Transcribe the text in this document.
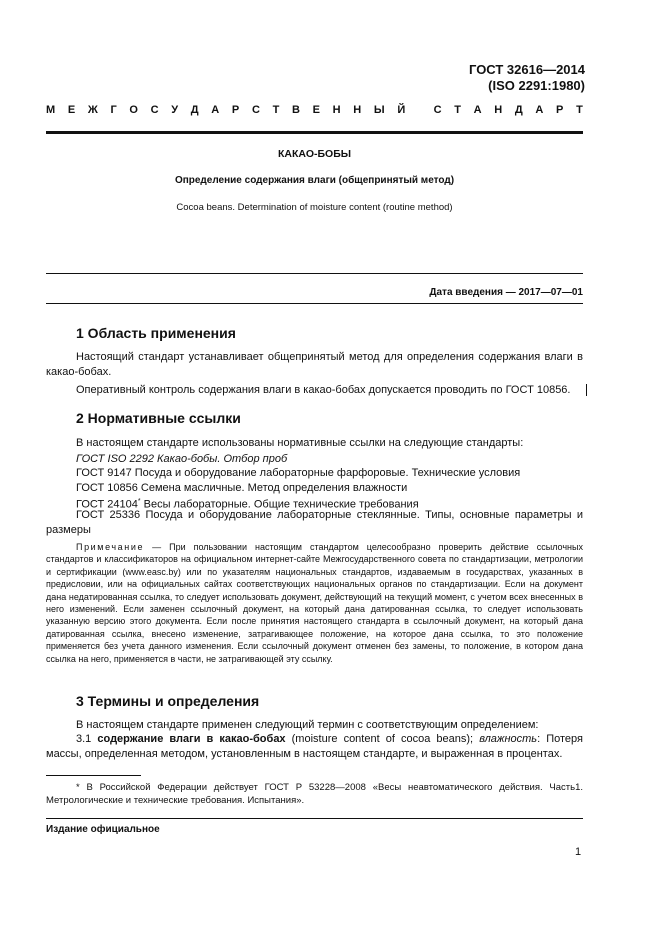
ГОСТ 32616—2014
(ISO 2291:1980)
М Е Ж Г О С У Д А Р С Т В Е Н Н Ы Й
	С Т А Н Д А Р Т
КАКАО-БОБЫ
Определение содержания влаги (общепринятый метод)
Cocoa beans. Determination of moisture content (routine method)
Дата введения — 2017—07—01
1 Область применения
Настоящий стандарт устанавливает общепринятый метод для определения содержания влаги в какао-бобах.
Оперативный контроль содержания влаги в какао-бобах допускается проводить по ГОСТ 10856.
2 Нормативные ссылки
В настоящем стандарте использованы нормативные ссылки на следующие стандарты:
ГОСТ ISO 2292 Какао-бобы. Отбор проб
ГОСТ 9147 Посуда и оборудование лабораторные фарфоровые. Технические условия
ГОСТ 10856 Семена масличные. Метод определения влажности
ГОСТ 24104* Весы лабораторные. Общие технические требования
ГОСТ 25336 Посуда и оборудование лабораторные стеклянные. Типы, основные параметры и размеры
Примечание — При пользовании настоящим стандартом целесообразно проверить действие ссылочных стандартов и классификаторов на официальном интернет-сайте Межгосударственного совета по стандартизации, метрологии и сертификации (www.easc.by) или по указателям национальных стандартов, издаваемым в государствах, указанных в предисловии, или на официальных сайтах соответствующих национальных органов по стандартизации. Если на документ дана недатированная ссылка, то следует использовать документ, действующий на текущий момент, с учетом всех внесенных в него изменений. Если заменен ссылочный документ, на который дана датированная ссылка, то следует использовать указанную версию этого документа. Если после принятия настоящего стандарта в ссылочный документ, на который дана датированная ссылка, внесено изменение, затрагивающее положение, на которое дана ссылка, то это положение применяется без учета данного изменения. Если ссылочный документ отменен без замены, то положение, в котором дана ссылка на него, применяется в части, не затрагивающей эту ссылку.
3 Термины и определения
В настоящем стандарте применен следующий термин с соответствующим определением:
3.1 содержание влаги в какао-бобах (moisture content of cocoa beans); влажность: Потеря массы, определенная методом, установленным в настоящем стандарте, и выраженная в процентах.
* В Российской Федерации действует ГОСТ Р 53228—2008 «Весы неавтоматического действия. Часть1. Метрологические и технические требования. Испытания».
Издание официальное
1
